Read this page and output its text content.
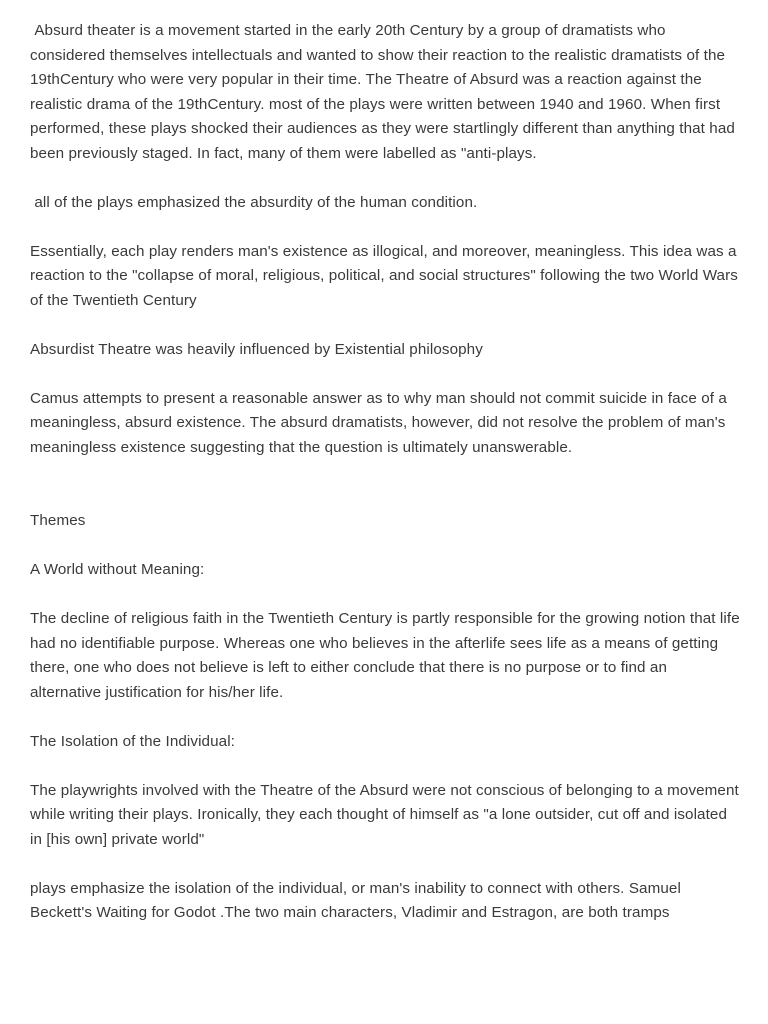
Absurd theater is a movement started in the early 20th Century by a group of dramatists who considered themselves intellectuals and wanted to show their reaction to the realistic dramatists of the 19thCentury who were very popular in their time. The Theatre of Absurd was a reaction against the realistic drama of the 19thCentury. most of the plays were written between 1940 and 1960. When first performed, these plays shocked their audiences as they were startlingly different than anything that had been previously staged. In fact, many of them were labelled as "anti-plays.

all of the plays emphasized the absurdity of the human condition.

Essentially, each play renders man's existence as illogical, and moreover, meaningless. This idea was a reaction to the "collapse of moral, religious, political, and social structures" following the two World Wars of the Twentieth Century

Absurdist Theatre was heavily influenced by Existential philosophy

Camus attempts to present a reasonable answer as to why man should not commit suicide in face of a meaningless, absurd existence. The absurd dramatists, however, did not resolve the problem of man's meaningless existence suggesting that the question is ultimately unanswerable.

Themes

A World without Meaning:

The decline of religious faith in the Twentieth Century is partly responsible for the growing notion that life had no identifiable purpose. Whereas one who believes in the afterlife sees life as a means of getting there, one who does not believe is left to either conclude that there is no purpose or to find an alternative justification for his/her life.

The Isolation of the Individual:

The playwrights involved with the Theatre of the Absurd were not conscious of belonging to a movement while writing their plays. Ironically, they each thought of himself as "a lone outsider, cut off and isolated in [his own] private world"

plays emphasize the isolation of the individual, or man's inability to connect with others. Samuel Beckett's Waiting for Godot .The two main characters, Vladimir and Estragon, are both tramps
